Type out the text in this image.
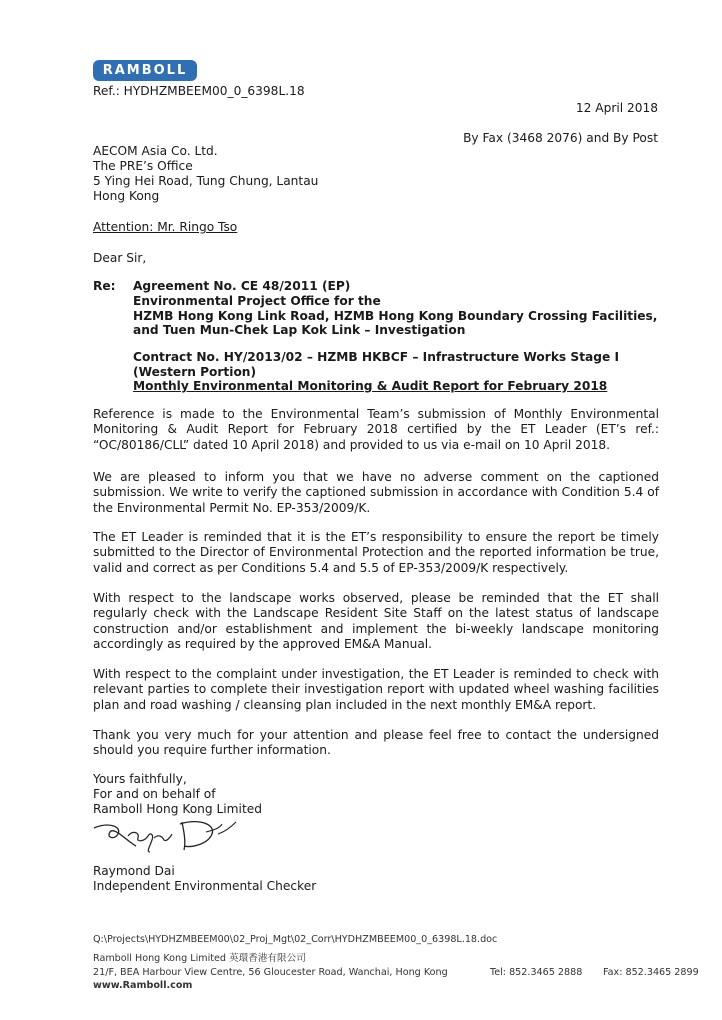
RAMBOLL
Ref.: HYDHZMBEEM00_0_6398L.18
12 April 2018
By Fax (3468 2076) and By Post
AECOM Asia Co. Ltd.
The PRE’s Office
5 Ying Hei Road, Tung Chung, Lantau
Hong Kong
Attention: Mr. Ringo Tso
Dear Sir,
Re: Agreement No. CE 48/2011 (EP)
Environmental Project Office for the
HZMB Hong Kong Link Road, HZMB Hong Kong Boundary Crossing Facilities,
and Tuen Mun-Chek Lap Kok Link – Investigation
Contract No. HY/2013/02 – HZMB HKBCF – Infrastructure Works Stage I
(Western Portion)
Monthly Environmental Monitoring & Audit Report for February 2018
Reference is made to the Environmental Team’s submission of Monthly Environmental Monitoring & Audit Report for February 2018 certified by the ET Leader (ET’s ref.: “OC/80186/CLL” dated 10 April 2018) and provided to us via e-mail on 10 April 2018.
We are pleased to inform you that we have no adverse comment on the captioned submission. We write to verify the captioned submission in accordance with Condition 5.4 of the Environmental Permit No. EP-353/2009/K.
The ET Leader is reminded that it is the ET’s responsibility to ensure the report be timely submitted to the Director of Environmental Protection and the reported information be true, valid and correct as per Conditions 5.4 and 5.5 of EP-353/2009/K respectively.
With respect to the landscape works observed, please be reminded that the ET shall regularly check with the Landscape Resident Site Staff on the latest status of landscape construction and/or establishment and implement the bi-weekly landscape monitoring accordingly as required by the approved EM&A Manual.
With respect to the complaint under investigation, the ET Leader is reminded to check with relevant parties to complete their investigation report with updated wheel washing facilities plan and road washing / cleansing plan included in the next monthly EM&A report.
Thank you very much for your attention and please feel free to contact the undersigned should you require further information.
Yours faithfully,
For and on behalf of
Ramboll Hong Kong Limited
Raymond Dai
Independent Environmental Checker
Q:\Projects\HYDHZMBEEM00\02_Proj_Mgt\02_Corr\HYDHZMBEEM00_0_6398L.18.doc
Ramboll Hong Kong Limited 英環香港有限公司
21/F, BEA Harbour View Centre, 56 Gloucester Road, Wanchai, Hong Kong	Tel: 852.3465 2888 Fax: 852.3465 2899
www.Ramboll.com
